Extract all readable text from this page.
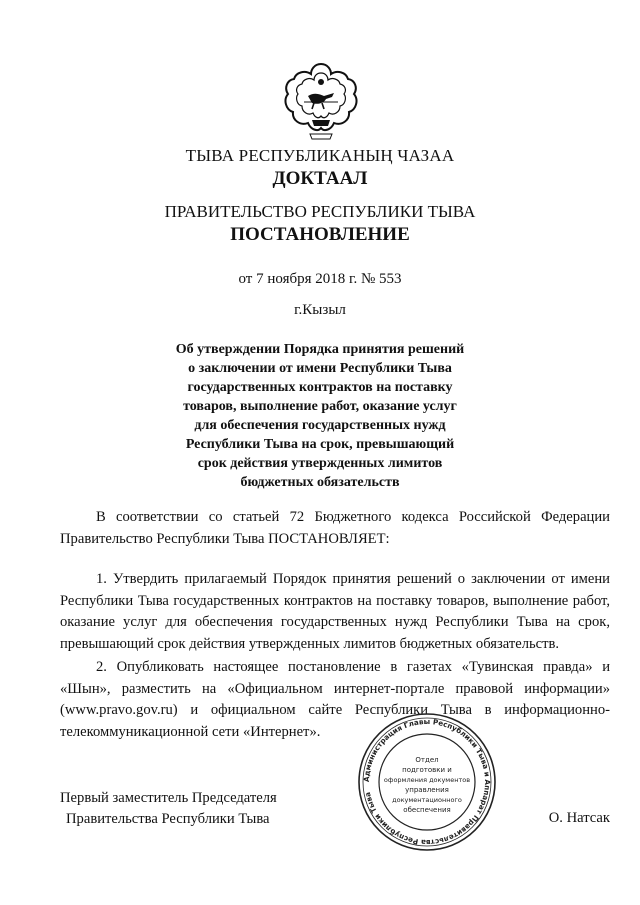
ТЫВА РЕСПУБЛИКАНЫҢ ЧАЗАА
ДОКТААЛ
ПРАВИТЕЛЬСТВО РЕСПУБЛИКИ ТЫВА
ПОСТАНОВЛЕНИЕ
от 7 ноября 2018 г. № 553
г.Кызыл
Об утверждении Порядка принятия решений
о заключении от имени Республики Тыва
государственных контрактов на поставку
товаров, выполнение работ, оказание услуг
для обеспечения государственных нужд
Республики Тыва на срок, превышающий
срок действия утвержденных лимитов
бюджетных обязательств
В соответствии со статьей 72 Бюджетного кодекса Российской Федерации Правительство Республики Тыва ПОСТАНОВЛЯЕТ:
1. Утвердить прилагаемый Порядок принятия решений о заключении от имени Республики Тыва государственных контрактов на поставку товаров, выполнение работ, оказание услуг для обеспечения государственных нужд Республики Тыва на срок, превышающий срок действия утвержденных лимитов бюджетных обязательств.
2. Опубликовать настоящее постановление в газетах «Тувинская правда» и «Шын», разместить на «Официальном интернет-портале правовой информации» (www.pravo.gov.ru) и официальном сайте Республики Тыва в информационно-телекоммуникационной сети «Интернет».
Первый заместитель Председателя
Правительства Республики Тыва	О. Натсак
Администрация Главы Республики Тыва и Аппарат Правительства Республики Тыва
Отдел
подготовки и
оформления документов
управления
документационного
обеспечения
